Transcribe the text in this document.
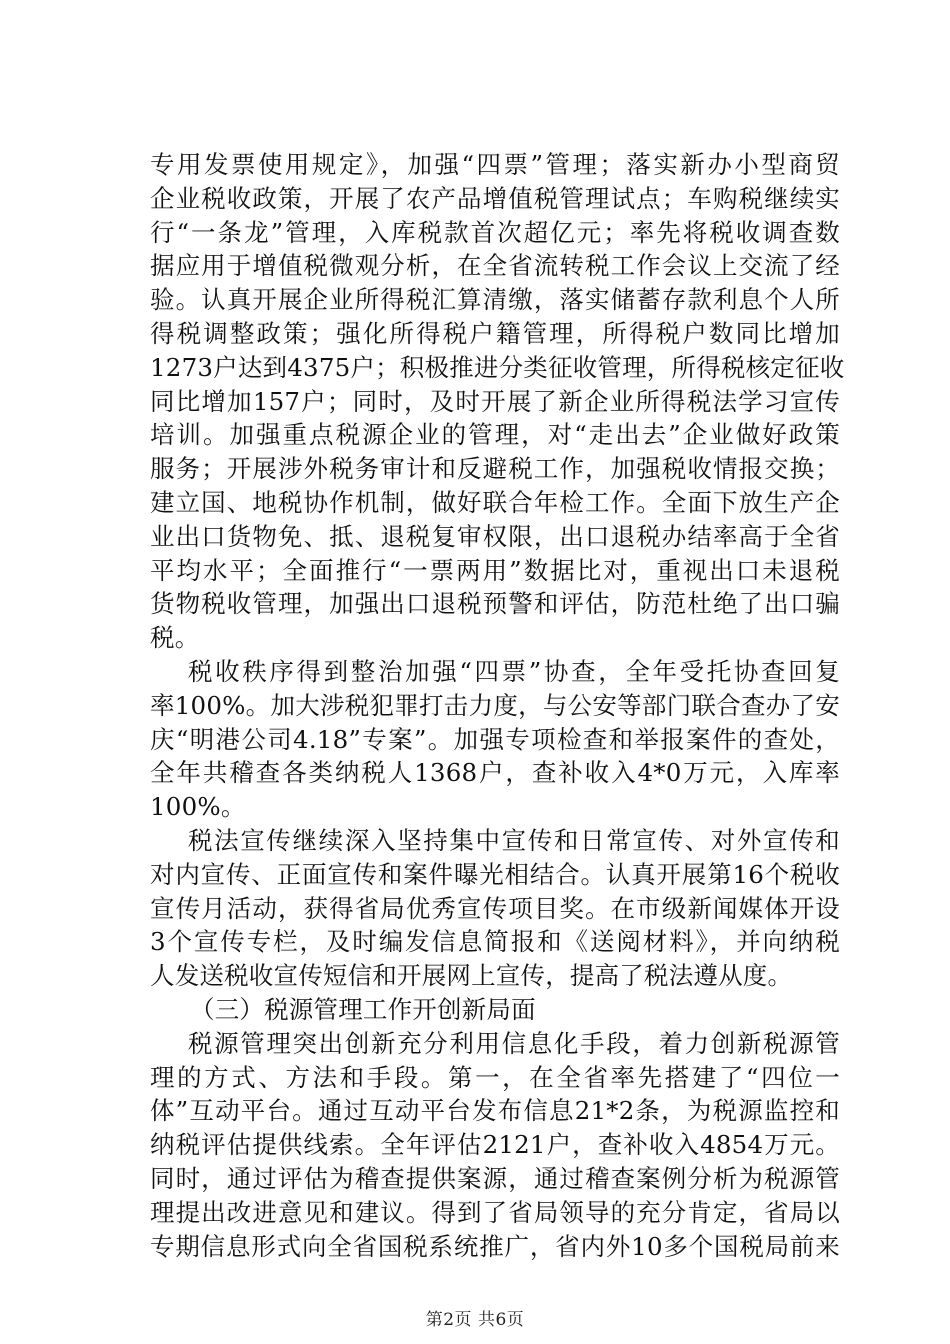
专用发票使用规定》，加强“四票”管理；落实新办小型商贸
企业税收政策，开展了农产品增值税管理试点；车购税继续实
行“一条龙”管理，入库税款首次超亿元；率先将税收调查数
据应用于增值税微观分析，在全省流转税工作会议上交流了经
验。认真开展企业所得税汇算清缴，落实储蓄存款利息个人所
得税调整政策；强化所得税户籍管理，所得税户数同比增加
1273户达到4375户；积极推进分类征收管理，所得税核定征收
同比增加157户；同时，及时开展了新企业所得税法学习宣传
培训。加强重点税源企业的管理，对“走出去”企业做好政策
服务；开展涉外税务审计和反避税工作，加强税收情报交换；
建立国、地税协作机制，做好联合年检工作。全面下放生产企
业出口货物免、抵、退税复审权限，出口退税办结率高于全省
平均水平；全面推行“一票两用”数据比对，重视出口未退税
货物税收管理，加强出口退税预警和评估，防范杜绝了出口骗
税。
税收秩序得到整治加强“四票”协查，全年受托协查回复
率100%。加大涉税犯罪打击力度，与公安等部门联合查办了安
庆“明港公司4.18”专案”。加强专项检查和举报案件的查处，
全年共稽查各类纳税人1368户，查补收入4*0万元，入库率
100%。
税法宣传继续深入坚持集中宣传和日常宣传、对外宣传和
对内宣传、正面宣传和案件曝光相结合。认真开展第16个税收
宣传月活动，获得省局优秀宣传项目奖。在市级新闻媒体开设
3个宣传专栏，及时编发信息简报和《送阅材料》，并向纳税
人发送税收宣传短信和开展网上宣传，提高了税法遵从度。
（三）税源管理工作开创新局面
税源管理突出创新充分利用信息化手段，着力创新税源管
理的方式、方法和手段。第一，在全省率先搭建了“四位一
体”互动平台。通过互动平台发布信息21*2条，为税源监控和
纳税评估提供线索。全年评估2121户，查补收入4854万元。
同时，通过评估为稽查提供案源，通过稽查案例分析为税源管
理提出改进意见和建议。得到了省局领导的充分肯定，省局以
专期信息形式向全省国税系统推广，省内外10多个国税局前来
第2页 共6页
